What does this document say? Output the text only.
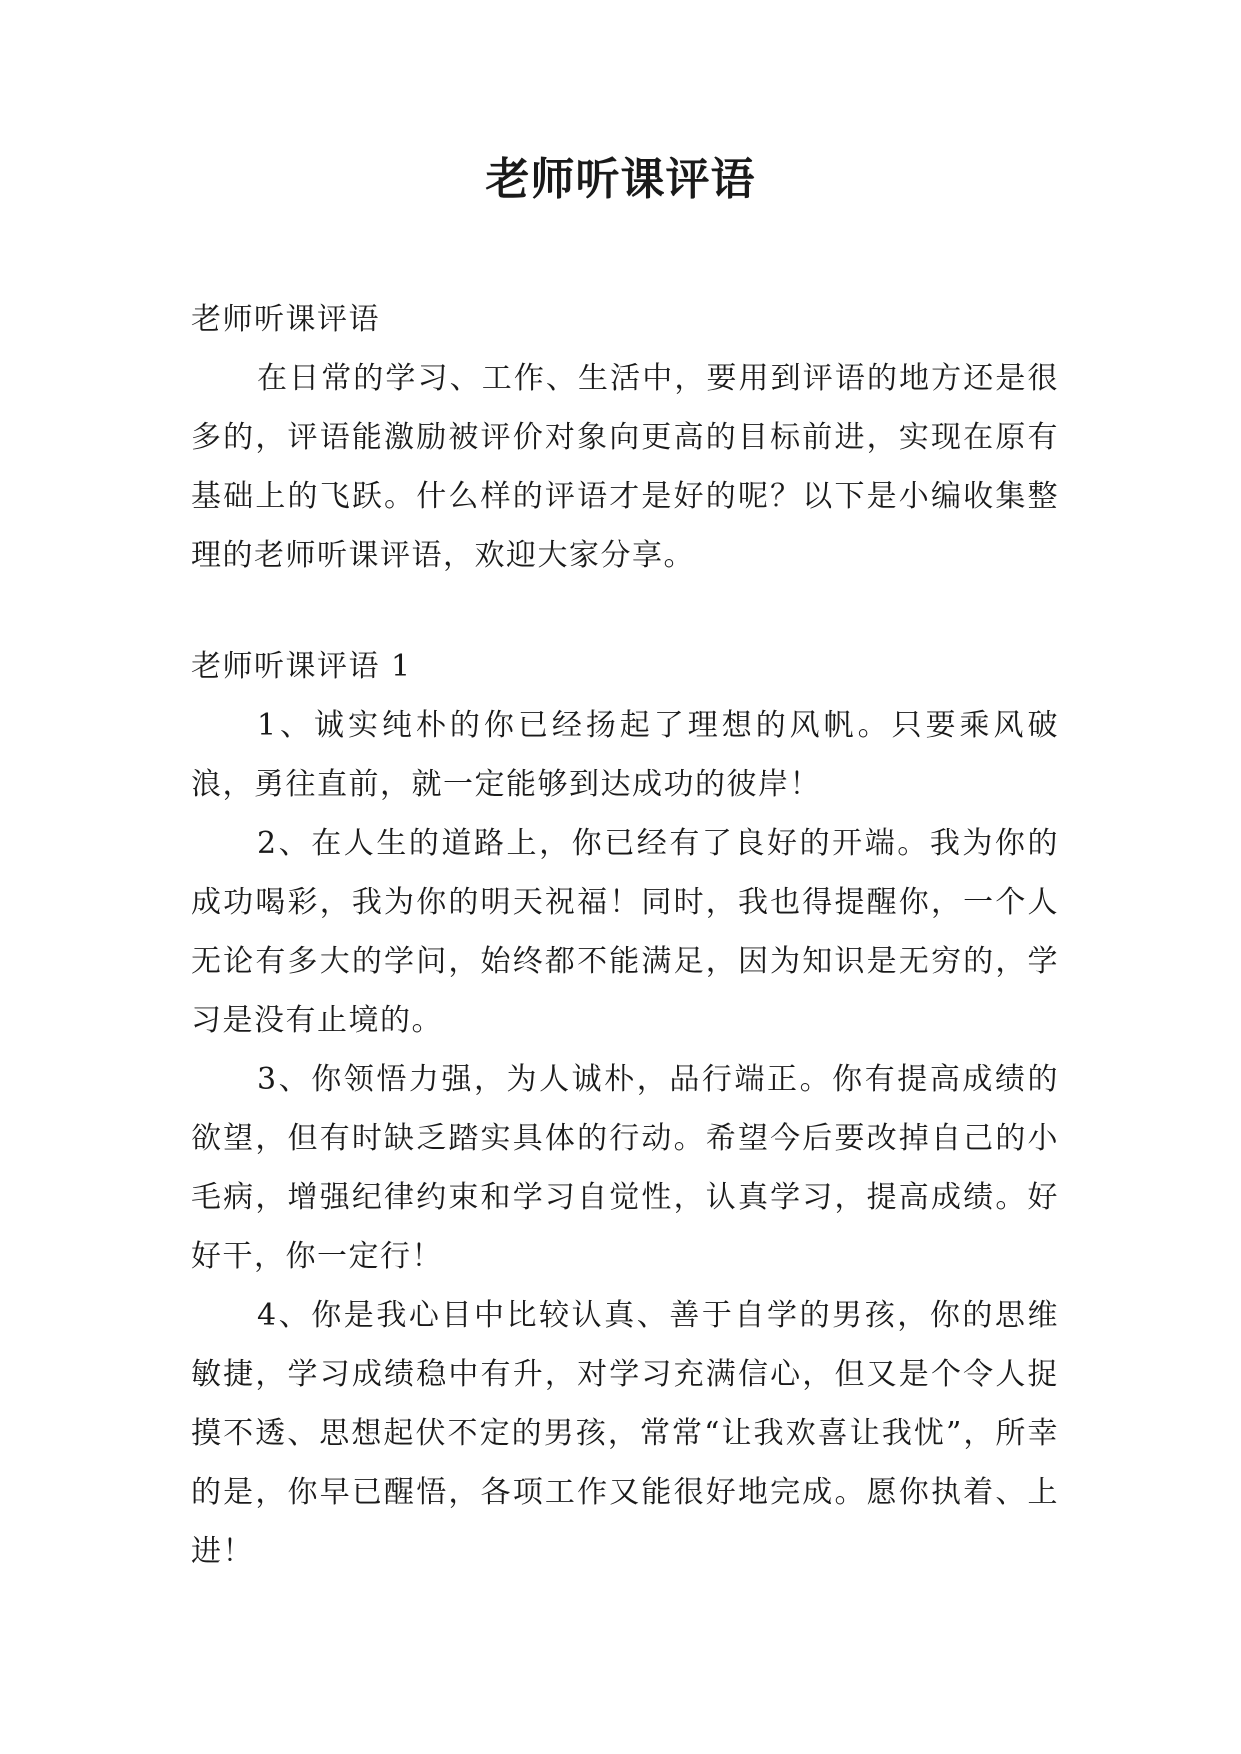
老师听课评语

老师听课评语

在日常的学习、工作、生活中，要用到评语的地方还是很多的，评语能激励被评价对象向更高的目标前进，实现在原有基础上的飞跃。什么样的评语才是好的呢？以下是小编收集整理的老师听课评语，欢迎大家分享。

老师听课评语 1

1、诚实纯朴的你已经扬起了理想的风帆。只要乘风破浪，勇往直前，就一定能够到达成功的彼岸！

2、在人生的道路上，你已经有了良好的开端。我为你的成功喝彩，我为你的明天祝福！同时，我也得提醒你，一个人无论有多大的学问，始终都不能满足，因为知识是无穷的，学习是没有止境的。

3、你领悟力强，为人诚朴，品行端正。你有提高成绩的欲望，但有时缺乏踏实具体的行动。希望今后要改掉自己的小毛病，增强纪律约束和学习自觉性，认真学习，提高成绩。好好干，你一定行！

4、你是我心目中比较认真、善于自学的男孩，你的思维敏捷，学习成绩稳中有升，对学习充满信心，但又是个令人捉摸不透、思想起伏不定的男孩，常常“让我欢喜让我忧”，所幸的是，你早已醒悟，各项工作又能很好地完成。愿你执着、上进！
